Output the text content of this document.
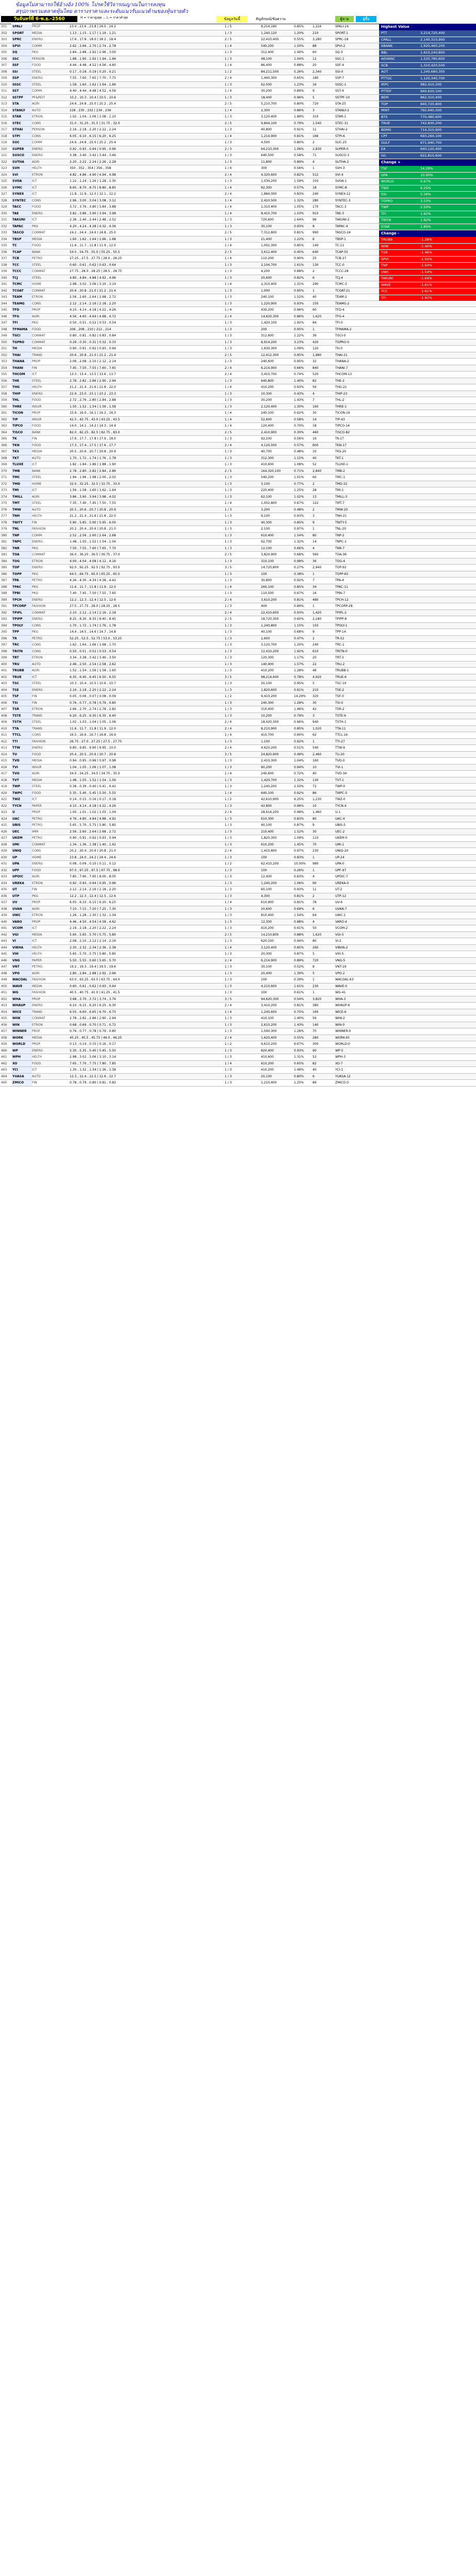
ข้อมูลไม่สามารถใช้อ้างอิง 100% โปรดใช้วิจารณญาณในการลงทุน
สรุปภาพรวมตลาดหุ้นไทย ตารางราคาและระดับแนวรับแนวต้านของหุ้นรายตัว
วันจันทร์ที่ 6-พ.ย.-2560	H = ราคาสูงสุด ... L = ราคาต่ำสุด	ข้อมูลวันนี้	สัญลักษณ์/ข้อความ	ผู้ขาย	ผู้ซื้อ
301	SPALI	PROP	23.4 , 23.6 , 23.8 | 24.0 , 24.2	1 / 5	8,214,180	0.85%	1,224	SPALI-24
302	SPORT	MEDIA	1.13 , 1.15 , 1.17 | 1.19 , 1.21	1 / 3	1,240,120	1.20%	210	SPORT-1
303	SPRC	ENERG	17.6 , 17.8 , 18.0 | 18.2 , 18.4	2 / 5	22,410,400	0.55%	3,280	SPRC-18
304	SPVI	COMM	2.62 , 2.66 , 2.70 | 2.74 , 2.78	1 / 4	540,200	1.50%	88	SPVI-2
305	SQ	PKG	2.84 , 2.88 , 2.92 | 2.96 , 3.00	1 / 3	312,400	1.40%	60	SQ-3
306	SSC	PERSON	1.88 , 1.90 , 1.92 | 1.94 , 1.96	1 / 3	48,100	1.04%	12	SSC-1
307	SSF	FOOD	4.44 , 4.48 , 4.52 | 4.56 , 4.60	1 / 4	86,400	0.88%	20	SSF-4
308	SSI	STEEL	0.17 , 0.18 , 0.19 | 0.20 , 0.21	1 / 2	84,211,500	5.26%	2,340	SSI-0
309	SSP	ENERG	7.55 , 7.60 , 7.65 | 7.70 , 7.75	2 / 4	1,440,300	0.65%	180	SSP-7
310	SSSC	STEEL	1.58 , 1.60 , 1.62 | 1.64 , 1.66	1 / 3	62,500	1.23%	16	SSSC-1
311	SST	COMM	4.40 , 4.44 , 4.48 | 4.52 , 4.56	1 / 4	30,200	0.89%	9	SST-4
312	SSTPF	PF&REIT	10.2 , 10.3 , 10.4 | 10.5 , 10.6	1 / 3	18,400	0.96%	5	SSTPF-10
313	STA	AGRI	24.6 , 24.8 , 25.0 | 25.2 , 25.4	2 / 5	5,210,700	0.80%	720	STA-25
314	STANLY	AUTO	228 , 230 , 232 | 234 , 236	1 / 4	2,300	0.86%	3	STANLY-2
315	STAR	ETRON	1.02 , 1.04 , 1.06 | 1.08 , 1.10	1 / 3	3,120,400	1.89%	310	STAR-1
316	STEC	CONS	31.0 , 31.25 , 31.5 | 31.75 , 32.0	2 / 5	9,844,100	0.79%	1,540	STEC-31
317	STHAI	PERSON	2.16 , 2.18 , 2.20 | 2.22 , 2.24	1 / 3	40,800	0.91%	11	STHAI-2
318	STPI	CONS	6.05 , 6.10 , 6.15 | 6.20 , 6.25	1 / 4	1,214,900	0.81%	166	STPI-6
319	SUC	COMM	24.6 , 24.8 , 25.0 | 25.2 , 25.4	1 / 3	4,500	0.80%	2	SUC-25
320	SUPER	ENERG	0.92 , 0.93 , 0.94 | 0.95 , 0.96	2 / 3	64,210,300	1.06%	2,830	SUPER-0
321	SUSCO	ENERG	3.38 , 3.40 , 3.42 | 3.44 , 3.46	1 / 3	640,500	0.58%	71	SUSCO-3
322	SUTHA	AGRI	2.20 , 2.22 , 2.24 | 2.26 , 2.28	1 / 3	11,800	0.89%	4	SUTHA-2
323	SVH	HELTH	350 , 352 , 354 | 356 , 358	1 / 4	300	0.56%	1	SVH-3
324	SVI	ETRON	4.82 , 4.86 , 4.90 | 4.94 , 4.98	2 / 4	4,320,600	0.82%	512	SVI-4
325	SVOA	ICT	1.22 , 1.24 , 1.26 | 1.28 , 1.30	1 / 3	1,030,200	1.59%	150	SVOA-1
326	SYMC	ICT	8.65 , 8.70 , 8.75 | 8.80 , 8.85	1 / 4	92,300	0.57%	18	SYMC-8
327	SYNEX	ICT	11.8 , 11.9 , 12.0 | 12.1 , 12.2	2 / 4	1,884,000	0.83%	240	SYNEX-12
328	SYNTEC	CONS	2.96 , 3.00 , 3.04 | 3.08 , 3.12	1 / 4	2,410,500	1.32%	280	SYNTEC-3
329	TACC	FOOD	3.72 , 3.76 , 3.80 | 3.84 , 3.88	1 / 4	1,310,400	1.05%	170	TACC-3
330	TAE	ENERG	3.82 , 3.86 , 3.90 | 3.94 , 3.98	1 / 4	8,410,700	1.03%	910	TAE-3
331	TAKUNI	ICT	2.36 , 2.40 , 2.44 | 2.48 , 2.52	1 / 3	720,600	1.64%	96	TAKUNI-2
332	TAPAC	PKG	4.20 , 4.24 , 4.28 | 4.32 , 4.36	1 / 3	30,100	0.93%	8	TAPAC-4
333	TASCO	CONMAT	24.2 , 24.4 , 24.6 | 24.8 , 25.0	2 / 5	7,312,800	0.81%	990	TASCO-24
334	TBSP	MEDIA	1.60 , 1.62 , 1.64 | 1.66 , 1.68	1 / 3	21,400	1.22%	6	TBSP-1
335	TC	FOOD	11.6 , 11.7 , 11.8 | 11.9 , 12.0	1 / 4	1,002,300	0.85%	140	TC-11
336	TCAP	BANK	54.5 , 54.75 , 55.0 | 55.25 , 55.5	2 / 5	3,612,400	0.45%	640	TCAP-55
337	TCB	PETRO	27.25 , 27.5 , 27.75 | 28.0 , 28.25	1 / 4	110,200	0.90%	25	TCB-27
338	TCC	STEEL	0.60 , 0.61 , 0.62 | 0.63 , 0.64	1 / 3	2,104,700	1.61%	130	TCC-0
339	TCCC	CONMAT	27.75 , 28.0 , 28.25 | 28.5 , 28.75	1 / 3	4,200	0.88%	2	TCCC-28
340	TCJ	STEEL	4.80 , 4.84 , 4.88 | 4.92 , 4.96	1 / 3	20,600	0.82%	6	TCJ-4
341	TCMC	HOME	2.98 , 3.02 , 3.06 | 3.10 , 3.14	1 / 4	2,310,400	1.31%	290	TCMC-3
342	TCOAT	CONMAT	20.6 , 20.8 , 21.0 | 21.2 , 21.4	1 / 3	1,000	0.95%	1	TCOAT-21
343	TEAM	ETRON	2.56 , 2.60 , 2.64 | 2.68 , 2.72	1 / 3	240,100	1.52%	40	TEAM-2
344	TEAMG	CONS	2.12 , 2.14 , 2.16 | 2.18 , 2.20	1 / 3	1,220,900	0.93%	150	TEAMG-2
345	TFD	PROP	4.10 , 4.14 , 4.18 | 4.22 , 4.26	1 / 4	430,200	0.96%	60	TFD-4
346	TFG	AGRI	4.56 , 4.60 , 4.64 | 4.68 , 4.72	2 / 4	14,620,300	0.86%	1,620	TFG-4
347	TFI	PKG	0.50 , 0.51 , 0.52 | 0.53 , 0.54	1 / 3	1,420,100	1.92%	84	TFI-0
348	TFMAMA	FOOD	206 , 208 , 210 | 212 , 214	1 / 3	200	0.95%	1	TFMAMA-2
349	TGCI	CONMAT	0.80 , 0.81 , 0.82 | 0.83 , 0.84	1 / 3	312,600	1.22%	36	TGCI-0
350	TGPRO	CONMAT	0.29 , 0.30 , 0.31 | 0.32 , 0.33	1 / 3	8,914,200	3.23%	420	TGPRO-0
351	TH	MEDIA	0.90 , 0.91 , 0.92 | 0.93 , 0.94	1 / 3	1,630,300	1.09%	120	TH-0
352	THAI	TRANS	20.6 , 20.8 , 21.0 | 21.2 , 21.4	2 / 5	12,412,300	0.95%	1,980	THAI-21
353	THANA	PROP	2.06 , 2.08 , 2.10 | 2.12 , 2.14	1 / 3	240,600	0.95%	32	THANA-2
354	THANI	FIN	7.45 , 7.50 , 7.55 | 7.60 , 7.65	2 / 4	6,214,900	0.66%	840	THANI-7
355	THCOM	ICT	13.3 , 13.4 , 13.5 | 13.6 , 13.7	2 / 4	3,410,700	0.74%	520	THCOM-13
356	THE	STEEL	2.78 , 2.82 , 2.86 | 2.90 , 2.94	1 / 3	640,800	1.40%	82	THE-2
357	THG	HELTH	21.2 , 21.4 , 21.6 | 21.8 , 22.0	1 / 4	410,200	0.93%	56	THG-21
358	THIP	ENERG	22.9 , 23.0 , 23.1 | 23.2 , 23.3	1 / 3	10,300	0.43%	4	THIP-23
359	THL	FOOD	2.72 , 2.76 , 2.80 | 2.84 , 2.88	1 / 3	30,200	1.43%	7	THL-2
360	THRE	INSUR	1.50 , 1.52 , 1.54 | 1.56 , 1.58	1 / 3	2,120,400	1.30%	160	THRE-1
361	TICON	PROP	15.9 , 16.0 , 16.1 | 16.2 , 16.3	1 / 4	240,100	0.62%	30	TICON-16
362	TIP	INSUR	42.5 , 42.75 , 43.0 | 43.25 , 43.5	1 / 4	52,600	0.58%	14	TIP-43
363	TIPCO	FOOD	14.0 , 14.1 , 14.2 | 14.3 , 14.4	1 / 4	120,400	0.70%	18	TIPCO-14
364	TISCO	BANK	82.0 , 82.25 , 82.5 | 82.75 , 83.0	2 / 5	2,410,900	0.30%	460	TISCO-82
365	TK	FIN	17.6 , 17.7 , 17.8 | 17.9 , 18.0	1 / 3	92,100	0.56%	16	TK-17
366	TKN	FOOD	17.3 , 17.4 , 17.5 | 17.6 , 17.7	2 / 4	4,120,500	0.57%	600	TKN-17
367	TKS	MEDIA	20.5 , 20.6 , 20.7 | 20.8 , 20.9	1 / 3	40,700	0.48%	10	TKS-20
368	TKT	AUTO	1.70 , 1.72 , 1.74 | 1.76 , 1.78	1 / 3	312,300	1.15%	40	TKT-1
369	TLUXE	ICT	1.82 , 1.84 , 1.86 | 1.88 , 1.90	1 / 3	410,600	1.08%	52	TLUXE-1
370	TMB	BANK	2.78 , 2.80 , 2.82 | 2.84 , 2.86	2 / 5	164,320,100	0.71%	2,840	TMB-2
371	TMC	STEEL	1.94 , 1.96 , 1.98 | 2.00 , 2.02	1 / 3	540,200	1.01%	60	TMC-1
372	TMD	HOME	32.0 , 32.25 , 32.5 | 32.75 , 33.0	1 / 3	3,100	0.77%	2	TMD-32
373	TMI	ICT	1.56 , 1.58 , 1.60 | 1.62 , 1.64	1 / 3	220,400	1.25%	28	TMI-1
374	TMILL	AGRI	3.86 , 3.90 , 3.94 | 3.98 , 4.02	1 / 3	62,100	1.02%	13	TMILL-3
375	TMT	STEEL	7.35 , 7.40 , 7.45 | 7.50 , 7.55	1 / 4	1,002,800	0.67%	122	TMT-7
376	TMW	AUTO	20.5 , 20.6 , 20.7 | 20.8 , 20.9	1 / 3	3,200	0.48%	2	TMW-20
377	TNH	HELTH	21.2 , 21.4 , 21.6 | 21.8 , 22.0	1 / 3	9,100	0.93%	3	TNH-21
378	TNITY	FIN	5.80 , 5.85 , 5.90 | 5.95 , 6.00	1 / 3	40,300	0.85%	9	TNITY-5
379	TNL	FASHION	20.2 , 20.4 , 20.6 | 20.8 , 21.0	1 / 3	2,100	0.97%	1	TNL-20
380	TNP	COMM	2.52 , 2.56 , 2.60 | 2.64 , 2.68	1 / 3	610,400	1.54%	80	TNP-2
381	TNPC	ENERG	1.48 , 1.50 , 1.52 | 1.54 , 1.56	1 / 3	92,700	1.32%	14	TNPC-1
382	TNR	PKG	7.50 , 7.55 , 7.60 | 7.65 , 7.70	1 / 3	12,100	0.66%	4	TNR-7
383	TOA	CONMAT	36.0 , 36.25 , 36.5 | 36.75 , 37.0	2 / 5	3,820,900	0.68%	560	TOA-36
384	TOG	ETRON	4.00 , 4.04 , 4.08 | 4.12 , 4.16	1 / 3	310,100	0.98%	36	TOG-4
385	TOP	ENERG	92.0 , 92.25 , 92.5 | 92.75 , 93.0	3 / 5	14,720,800	0.27%	2,940	TOP-92
386	TOPP	PKG	64.5 , 64.75 , 65.0 | 65.25 , 65.5	1 / 3	100	0.38%	1	TOPP-65
387	TPA	PETRO	4.26 , 4.30 , 4.34 | 4.38 , 4.42	1 / 3	30,800	0.92%	7	TPA-4
388	TPAC	PKG	11.6 , 11.7 , 11.8 | 11.9 , 12.0	1 / 4	260,100	0.85%	34	TPAC-11
389	TPBI	PKG	7.40 , 7.45 , 7.50 | 7.55 , 7.60	1 / 3	110,500	0.67%	16	TPBI-7
390	TPCH	ENERG	12.2 , 12.3 , 12.4 | 12.5 , 12.6	2 / 4	3,610,200	0.81%	480	TPCH-12
391	TPCORP	FASHION	27.5 , 27.75 , 28.0 | 28.25 , 28.5	1 / 3	400	0.89%	1	TPCORP-28
392	TPIPL	CONMAT	2.10 , 2.12 , 2.14 | 2.16 , 2.18	2 / 4	22,410,600	0.93%	1,420	TPIPL-2
393	TPIPP	ENERG	8.25 , 8.30 , 8.35 | 8.40 , 8.45	2 / 5	18,720,300	0.60%	2,180	TPIPP-8
394	TPOLY	CONS	1.70 , 1.72 , 1.74 | 1.76 , 1.78	1 / 3	1,240,800	1.15%	150	TPOLY-1
395	TPP	PKG	14.4 , 14.5 , 14.6 | 14.7 , 14.8	1 / 3	40,100	0.68%	9	TPP-14
396	TR	PETRO	52.25 , 52.5 , 52.75 | 53.0 , 53.25	1 / 3	2,600	0.47%	2	TR-52
397	TRC	CONS	1.62 , 1.64 , 1.66 | 1.68 , 1.70	1 / 3	3,120,700	1.20%	240	TRC-1
398	TRITN	CONS	0.50 , 0.51 , 0.52 | 0.53 , 0.54	1 / 3	12,410,200	1.92%	610	TRITN-0
399	TRT	ETRON	3.34 , 3.38 , 3.42 | 3.46 , 3.50	1 / 3	120,300	1.17%	20	TRT-3
400	TRU	AUTO	2.46 , 2.50 , 2.54 | 2.58 , 2.62	1 / 3	140,900	1.57%	22	TRU-2
401	TRUBB	AGRI	1.52 , 1.54 , 1.56 | 1.58 , 1.60	1 / 3	410,200	1.28%	46	TRUBB-1
402	TRUE	ICT	6.35 , 6.40 , 6.45 | 6.50 , 6.55	3 / 5	98,214,600	0.78%	4,920	TRUE-6
403	TSC	STEEL	10.3 , 10.4 , 10.5 | 10.6 , 10.7	1 / 3	20,100	0.95%	5	TSC-10
404	TSE	ENERG	2.16 , 2.18 , 2.20 | 2.22 , 2.24	1 / 3	1,820,600	0.91%	210	TSE-2
405	TSF	FIN	0.05 , 0.06 , 0.07 | 0.08 , 0.09	1 / 2	9,410,200	14.29%	320	TSF-0
406	TSI	FIN	0.76 , 0.77 , 0.78 | 0.79 , 0.80	1 / 3	240,300	1.28%	30	TSI-0
407	TSR	ETRON	2.66 , 2.70 , 2.74 | 2.78 , 2.82	1 / 3	310,400	1.46%	42	TSR-2
408	TSTE	TRANS	6.20 , 6.25 , 6.30 | 6.35 , 6.40	1 / 3	10,200	0.79%	3	TSTE-6
409	TSTH	STEEL	1.02 , 1.03 , 1.04 | 1.05 , 1.06	2 / 4	18,420,300	0.96%	940	TSTH-1
410	TTA	TRANS	11.6 , 11.7 , 11.8 | 11.9 , 12.0	2 / 4	8,210,900	0.85%	1,020	TTA-11
411	TTCL	CONS	16.5 , 16.6 , 16.7 | 16.8 , 16.9	1 / 4	410,700	0.60%	62	TTCL-16
412	TTI	FASHION	26.75 , 27.0 , 27.25 | 27.5 , 27.75	1 / 3	1,100	0.92%	1	TTI-27
413	TTW	ENERG	9.80 , 9.85 , 9.90 | 9.95 , 10.0	2 / 4	4,620,200	0.51%	540	TTW-9
414	TU	FOOD	20.4 , 20.5 , 20.6 | 20.7 , 20.8	3 / 5	24,820,900	0.49%	2,460	TU-20
415	TVD	MEDIA	0.94 , 0.95 , 0.96 | 0.97 , 0.98	1 / 3	2,410,300	1.04%	160	TVD-0
416	TVI	INSUR	1.04 , 1.05 , 1.06 | 1.07 , 1.08	1 / 3	60,200	0.94%	10	TVI-1
417	TVO	AGRI	34.0 , 34.25 , 34.5 | 34.75 , 35.0	1 / 4	240,600	0.72%	40	TVO-34
418	TVT	MEDIA	1.48 , 1.50 , 1.52 | 1.54 , 1.56	1 / 3	1,420,700	1.32%	130	TVT-1
419	TWP	STEEL	0.38 , 0.39 , 0.40 | 0.41 , 0.42	1 / 3	1,240,200	2.50%	72	TWP-0
420	TWPC	FOOD	5.35 , 5.40 , 5.45 | 5.50 , 5.55	1 / 4	640,100	0.92%	86	TWPC-5
421	TWZ	ICT	0.14 , 0.15 , 0.16 | 0.17 , 0.18	1 / 2	42,610,900	6.25%	1,230	TWZ-0
422	TYCN	PAPER	4.10 , 4.14 , 4.18 | 4.22 , 4.26	1 / 3	42,800	0.96%	10	TYCN-4
423	U	PROP	1.00 , 1.01 , 1.02 | 1.03 , 1.04	2 / 4	28,614,200	0.98%	1,460	U-1
424	UAC	PETRO	4.76 , 4.80 , 4.84 | 4.88 , 4.92	1 / 3	610,300	0.83%	80	UAC-4
425	UBIS	PETRO	5.65 , 5.70 , 5.75 | 5.80 , 5.85	1 / 3	40,100	0.87%	9	UBIS-5
426	UEC	IMM	2.56 , 2.60 , 2.64 | 2.68 , 2.72	1 / 3	210,400	1.52%	30	UEC-2
427	UKEM	PETRO	0.90 , 0.91 , 0.92 | 0.93 , 0.94	1 / 3	1,820,300	1.09%	110	UKEM-0
428	UMI	CONMAT	1.34 , 1.36 , 1.38 | 1.40 , 1.42	1 / 3	610,200	1.45%	70	UMI-1
429	UNIQ	CONS	20.2 , 20.4 , 20.6 | 20.8 , 21.0	2 / 4	1,410,800	0.97%	230	UNIQ-20
430	UP	HOME	23.8 , 24.0 , 24.2 | 24.4 , 24.6	1 / 3	100	0.83%	1	UP-24
431	UPA	ENERG	0.08 , 0.09 , 0.10 | 0.11 , 0.12	1 / 2	62,410,200	10.00%	980	UPA-0
432	UPF	FOOD	97.0 , 97.25 , 97.5 | 97.75 , 98.0	1 / 3	100	0.26%	1	UPF-97
433	UPOIC	AGRI	7.85 , 7.90 , 7.95 | 8.00 , 8.05	1 / 3	12,400	0.63%	4	UPOIC-7
434	UREKA	ETRON	0.92 , 0.93 , 0.94 | 0.95 , 0.96	1 / 3	1,240,200	1.06%	90	UREKA-0
435	UT	FIN	2.12 , 2.14 , 2.16 | 2.18 , 2.20	1 / 3	60,100	0.93%	11	UT-2
436	UTP	PKG	12.2 , 12.3 , 12.4 | 12.5 , 12.6	1 / 3	4,300	0.81%	2	UTP-12
437	UV	PROP	6.05 , 6.10 , 6.15 | 6.20 , 6.25	1 / 4	610,900	0.81%	78	UV-6
438	UVAN	AGRI	7.10 , 7.15 , 7.20 | 7.25 , 7.30	1 / 3	20,600	0.69%	6	UVAN-7
439	UWC	ETRON	1.26 , 1.28 , 1.30 | 1.32 , 1.34	1 / 3	810,400	1.54%	64	UWC-1
440	VARO	PROP	4.46 , 4.50 , 4.54 | 4.58 , 4.62	1 / 3	12,300	0.88%	4	VARO-4
441	VCOM	ICT	2.16 , 2.18 , 2.20 | 2.22 , 2.24	1 / 3	410,200	0.91%	50	VCOM-2
442	VGI	MEDIA	5.60 , 5.65 , 5.70 | 5.75 , 5.80	2 / 5	14,210,800	0.88%	1,620	VGI-5
443	VI	ICT	2.08 , 2.10 , 2.12 | 2.14 , 2.16	1 / 3	620,100	0.94%	80	VI-2
444	VIBHA	HELTH	2.30 , 2.32 , 2.34 | 2.36 , 2.38	1 / 4	3,120,400	0.85%	260	VIBHA-2
445	VIH	HELTH	5.65 , 5.70 , 5.75 | 5.80 , 5.85	1 / 3	20,300	0.87%	5	VIH-5
446	VNG	PAPER	5.50 , 5.55 , 5.60 | 5.65 , 5.70	2 / 4	6,214,900	0.89%	720	VNG-5
447	VNT	PETRO	19.2 , 19.3 , 19.4 | 19.5 , 19.6	1 / 3	30,100	0.52%	8	VNT-19
448	VPO	AGRI	2.80 , 2.84 , 2.88 | 2.92 , 2.96	1 / 3	20,400	1.39%	5	VPO-2
449	WACOAL	FASHION	63.0 , 63.25 , 63.5 | 63.75 , 64.0	1 / 3	100	0.39%	1	WACOAL-63
450	WAVE	MEDIA	0.60 , 0.61 , 0.62 | 0.63 , 0.64	1 / 3	4,210,600	1.61%	230	WAVE-0
451	WG	FASHION	40.5 , 40.75 , 41.0 | 41.25 , 41.5	1 / 3	100	0.61%	1	WG-41
452	WHA	PROP	3.68 , 3.70 , 3.72 | 3.74 , 3.76	3 / 5	94,620,300	0.54%	3,820	WHA-3
453	WHAUP	ENERG	6.10 , 6.15 , 6.20 | 6.25 , 6.30	2 / 4	3,410,200	0.81%	380	WHAUP-6
454	WICE	TRANS	6.55 , 6.60 , 6.65 | 6.70 , 6.75	1 / 4	1,240,600	0.75%	160	WICE-6
455	WIIK	CONMAT	2.78 , 2.82 , 2.86 | 2.90 , 2.94	1 / 3	410,100	1.40%	56	WIIK-2
456	WIN	ETRON	0.68 , 0.69 , 0.70 | 0.71 , 0.72	1 / 3	2,610,200	1.43%	140	WIN-0
457	WINNER	PROF	0.76 , 0.77 , 0.78 | 0.79 , 0.80	1 / 3	1,040,300	1.28%	70	WINNER-0
458	WORK	MEDIA	45.25 , 45.5 , 45.75 | 46.0 , 46.25	2 / 4	1,620,400	0.55%	280	WORK-45
459	WORLD	PROP	0.13 , 0.14 , 0.15 | 0.16 , 0.17	1 / 2	9,610,200	6.67%	300	WORLD-0
460	WP	ENERG	5.30 , 5.35 , 5.40 | 5.45 , 5.50	1 / 3	820,400	0.93%	90	WP-5
461	WPH	HELTH	2.98 , 3.02 , 3.06 | 3.10 , 3.14	1 / 3	410,600	1.31%	52	WPH-3
462	XO	FOOD	7.65 , 7.70 , 7.75 | 7.80 , 7.85	1 / 4	610,200	0.65%	82	XO-7
463	YCI	ICT	1.30 , 1.32 , 1.34 | 1.36 , 1.38	1 / 3	410,200	1.49%	40	YCI-1
464	YUASA	AUTO	12.3 , 12.4 , 12.5 | 12.6 , 12.7	1 / 3	20,100	0.80%	6	YUASA-12
465	ZMICO	FIN	0.78 , 0.79 , 0.80 | 0.81 , 0.82	1 / 3	1,210,400	1.25%	86	ZMICO-0
Highest Value
PTT	3,214,720,400
CPALL	2,140,310,900
KBANK	1,920,460,200
BBL	1,610,240,800
ADVANC	1,520,780,600
SCB	1,310,420,500
AOT	1,240,680,300
PTTGC	1,120,340,700
IRPC	982,410,200
PTTEP	940,620,100
BEM	862,310,400
TOP	840,720,800
MINT	792,640,300
BTS	770,480,600
TRUE	742,830,200
BDMS	714,310,900
CPF	693,260,100
GULF	671,940,700
EA	640,120,400
IVL	622,810,600
Change +
TSF	14.29%
UPA	10.00%
WORLD	6.67%
TWZ	6.25%
SSI	5.26%
TGPRO	3.23%
TWP	2.50%
TFI	1.92%
TRITN	1.92%
STAR	1.89%
Change -
TRUBB	-1.28%
WIIK	-1.40%
TSR	-1.46%
SPVI	-1.50%
TNP	-1.54%
UWC	-1.54%
TAKUNI	-1.64%
WAVE	-1.61%
TCC	-1.61%
TFI	-1.92%
